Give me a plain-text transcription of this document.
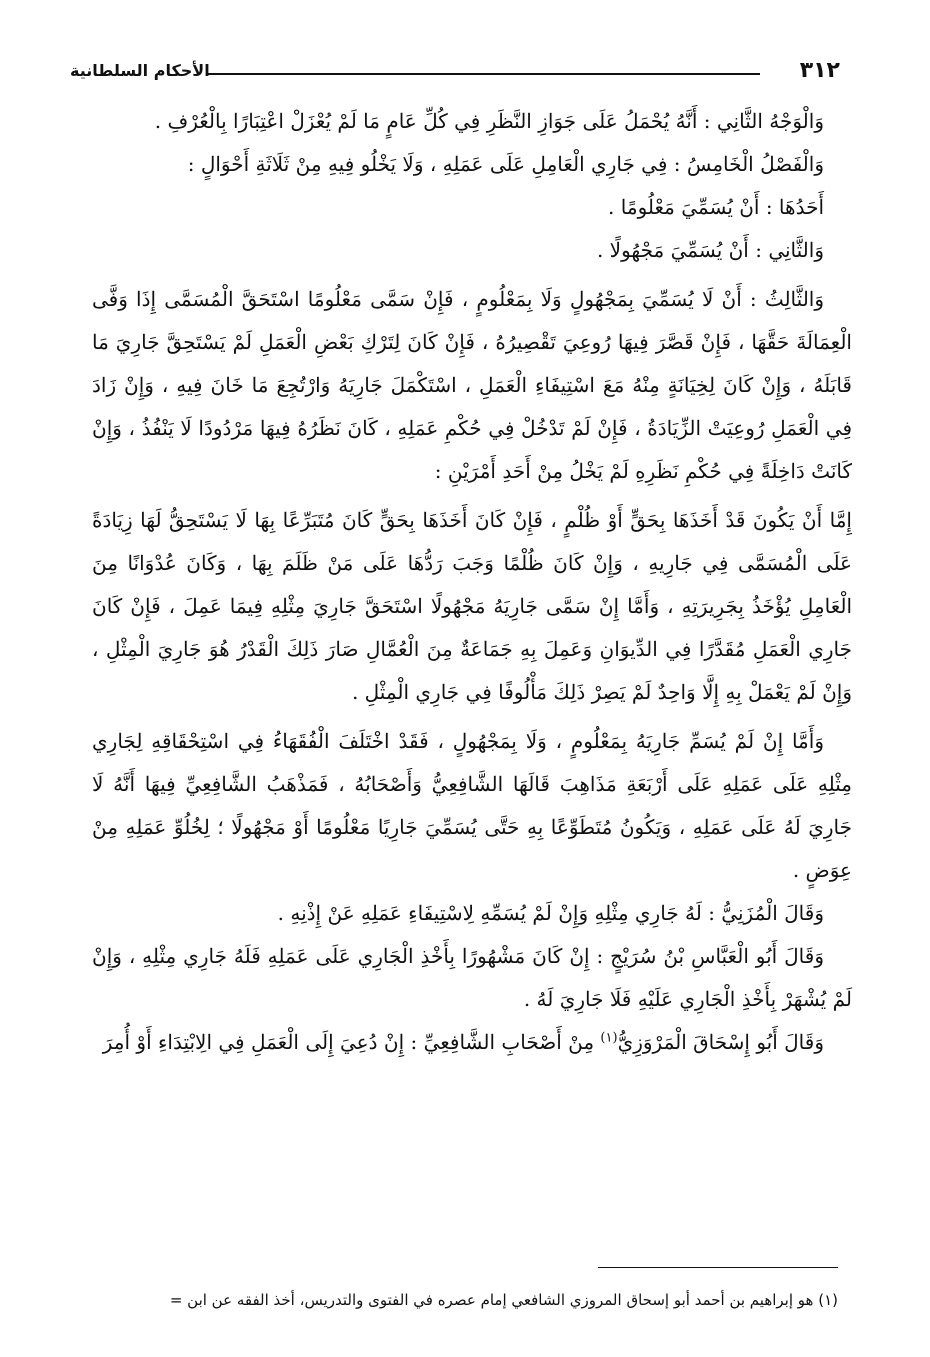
٣١٢
الأحكام السلطانية

وَالْوَجْهُ الثَّانِي : أَنَّهُ يُحْمَلُ عَلَى جَوَازِ النَّظَرِ فِي كُلِّ عَامٍ مَا لَمْ يُعْزَلْ اعْتِبَارًا بِالْعُرْفِ .

وَالْفَصْلُ الْخَامِسُ : فِي جَارِي الْعَامِلِ عَلَى عَمَلِهِ ، وَلَا يَخْلُو فِيهِ مِنْ ثَلَاثَةِ أَحْوَالٍ :

أَحَدُهَا : أَنْ يُسَمِّيَ مَعْلُومًا .

وَالثَّانِي : أَنْ يُسَمِّيَ مَجْهُولًا .

وَالثَّالِثُ : أَنْ لَا يُسَمِّيَ بِمَجْهُولٍ وَلَا بِمَعْلُومٍ ، فَإِنْ سَمَّى مَعْلُومًا اسْتَحَقَّ الْمُسَمَّى إِذَا وَفَّى الْعِمَالَةَ حَقَّهَا ، فَإِنْ قَصَّرَ فِيهَا رُوعِيَ تَقْصِيرُهُ ، فَإِنْ كَانَ لِتَرْكِ بَعْضِ الْعَمَلِ لَمْ يَسْتَحِقَّ جَارِيَ مَا قَابَلَهُ ، وَإِنْ كَانَ لِخِيَانَةٍ مِنْهُ مَعَ اسْتِيفَاءِ الْعَمَلِ ، اسْتَكْمَلَ جَارِيَهُ وَارْتُجِعَ مَا خَانَ فِيهِ ، وَإِنْ زَادَ فِي الْعَمَلِ رُوعِيَتْ الزِّيَادَةُ ، فَإِنْ لَمْ تَدْخُلْ فِي حُكْمِ عَمَلِهِ ، كَانَ نَظَرُهُ فِيهَا مَرْدُودًا لَا يَنْفُذُ ، وَإِنْ كَانَتْ دَاخِلَةً فِي حُكْمِ نَظَرِهِ لَمْ يَخْلُ مِنْ أَحَدِ أَمْرَيْنِ :

إِمَّا أَنْ يَكُونَ قَدْ أَخَذَهَا بِحَقٍّ أَوْ ظُلْمٍ ، فَإِنْ كَانَ أَخَذَهَا بِحَقٍّ كَانَ مُتَبَرِّعًا بِهَا لَا يَسْتَحِقُّ لَهَا زِيَادَةً عَلَى الْمُسَمَّى فِي جَارِيهِ ، وَإِنْ كَانَ ظُلْمًا وَجَبَ رَدُّهَا عَلَى مَنْ ظَلَمَ بِهَا ، وَكَانَ عُدْوَانًا مِنَ الْعَامِلِ يُؤْخَذُ بِجَرِيرَتِهِ ، وَأَمَّا إِنْ سَمَّى جَارِيَهُ مَجْهُولًا اسْتَحَقَّ جَارِيَ مِثْلِهِ فِيمَا عَمِلَ ، فَإِنْ كَانَ جَارِي الْعَمَلِ مُقَدَّرًا فِي الدِّيوَانِ وَعَمِلَ بِهِ جَمَاعَةٌ مِنَ الْعُمَّالِ صَارَ ذَلِكَ الْقَدْرُ هُوَ جَارِيَ الْمِثْلِ ، وَإِنْ لَمْ يَعْمَلْ بِهِ إِلَّا وَاحِدٌ لَمْ يَصِرْ ذَلِكَ مَأْلُوفًا فِي جَارِي الْمِثْلِ .

وَأَمَّا إِنْ لَمْ يُسَمِّ جَارِيَهُ بِمَعْلُومٍ ، وَلَا بِمَجْهُولٍ ، فَقَدْ اخْتَلَفَ الْفُقَهَاءُ فِي اسْتِحْقَاقِهِ لِجَارِي مِثْلِهِ عَلَى عَمَلِهِ عَلَى أَرْبَعَةِ مَذَاهِبَ قَالَهَا الشَّافِعِيُّ وَأَصْحَابُهُ ، فَمَذْهَبُ الشَّافِعِيِّ فِيهَا أَنَّهُ لَا جَارِيَ لَهُ عَلَى عَمَلِهِ ، وَيَكُونُ مُتَطَوِّعًا بِهِ حَتَّى يُسَمِّيَ جَارِيًا مَعْلُومًا أَوْ مَجْهُولًا ؛ لِخُلُوِّ عَمَلِهِ مِنْ عِوَضٍ .

وَقَالَ الْمُزَنِيُّ : لَهُ جَارِي مِثْلِهِ وَإِنْ لَمْ يُسَمِّهِ لِاسْتِيفَاءِ عَمَلِهِ عَنْ إِذْنِهِ .

وَقَالَ أَبُو الْعَبَّاسِ بْنُ سُرَيْجٍ : إِنْ كَانَ مَشْهُورًا بِأَخْذِ الْجَارِي عَلَى عَمَلِهِ فَلَهُ جَارِي مِثْلِهِ ، وَإِنْ لَمْ يُشْهَرْ بِأَخْذِ الْجَارِي عَلَيْهِ فَلَا جَارِيَ لَهُ .

وَقَالَ أَبُو إِسْحَاقَ الْمَرْوَزِيُّ$^{(١)}$ مِنْ أَصْحَابِ الشَّافِعِيِّ : إِنْ دُعِيَ إِلَى الْعَمَلِ فِي الِابْتِدَاءِ أَوْ أُمِرَ

(١) هو إبراهيم بن أحمد أبو إسحاق المروزي الشافعي إمام عصره في الفتوى والتدريس، أخذ الفقه عن ابن =
